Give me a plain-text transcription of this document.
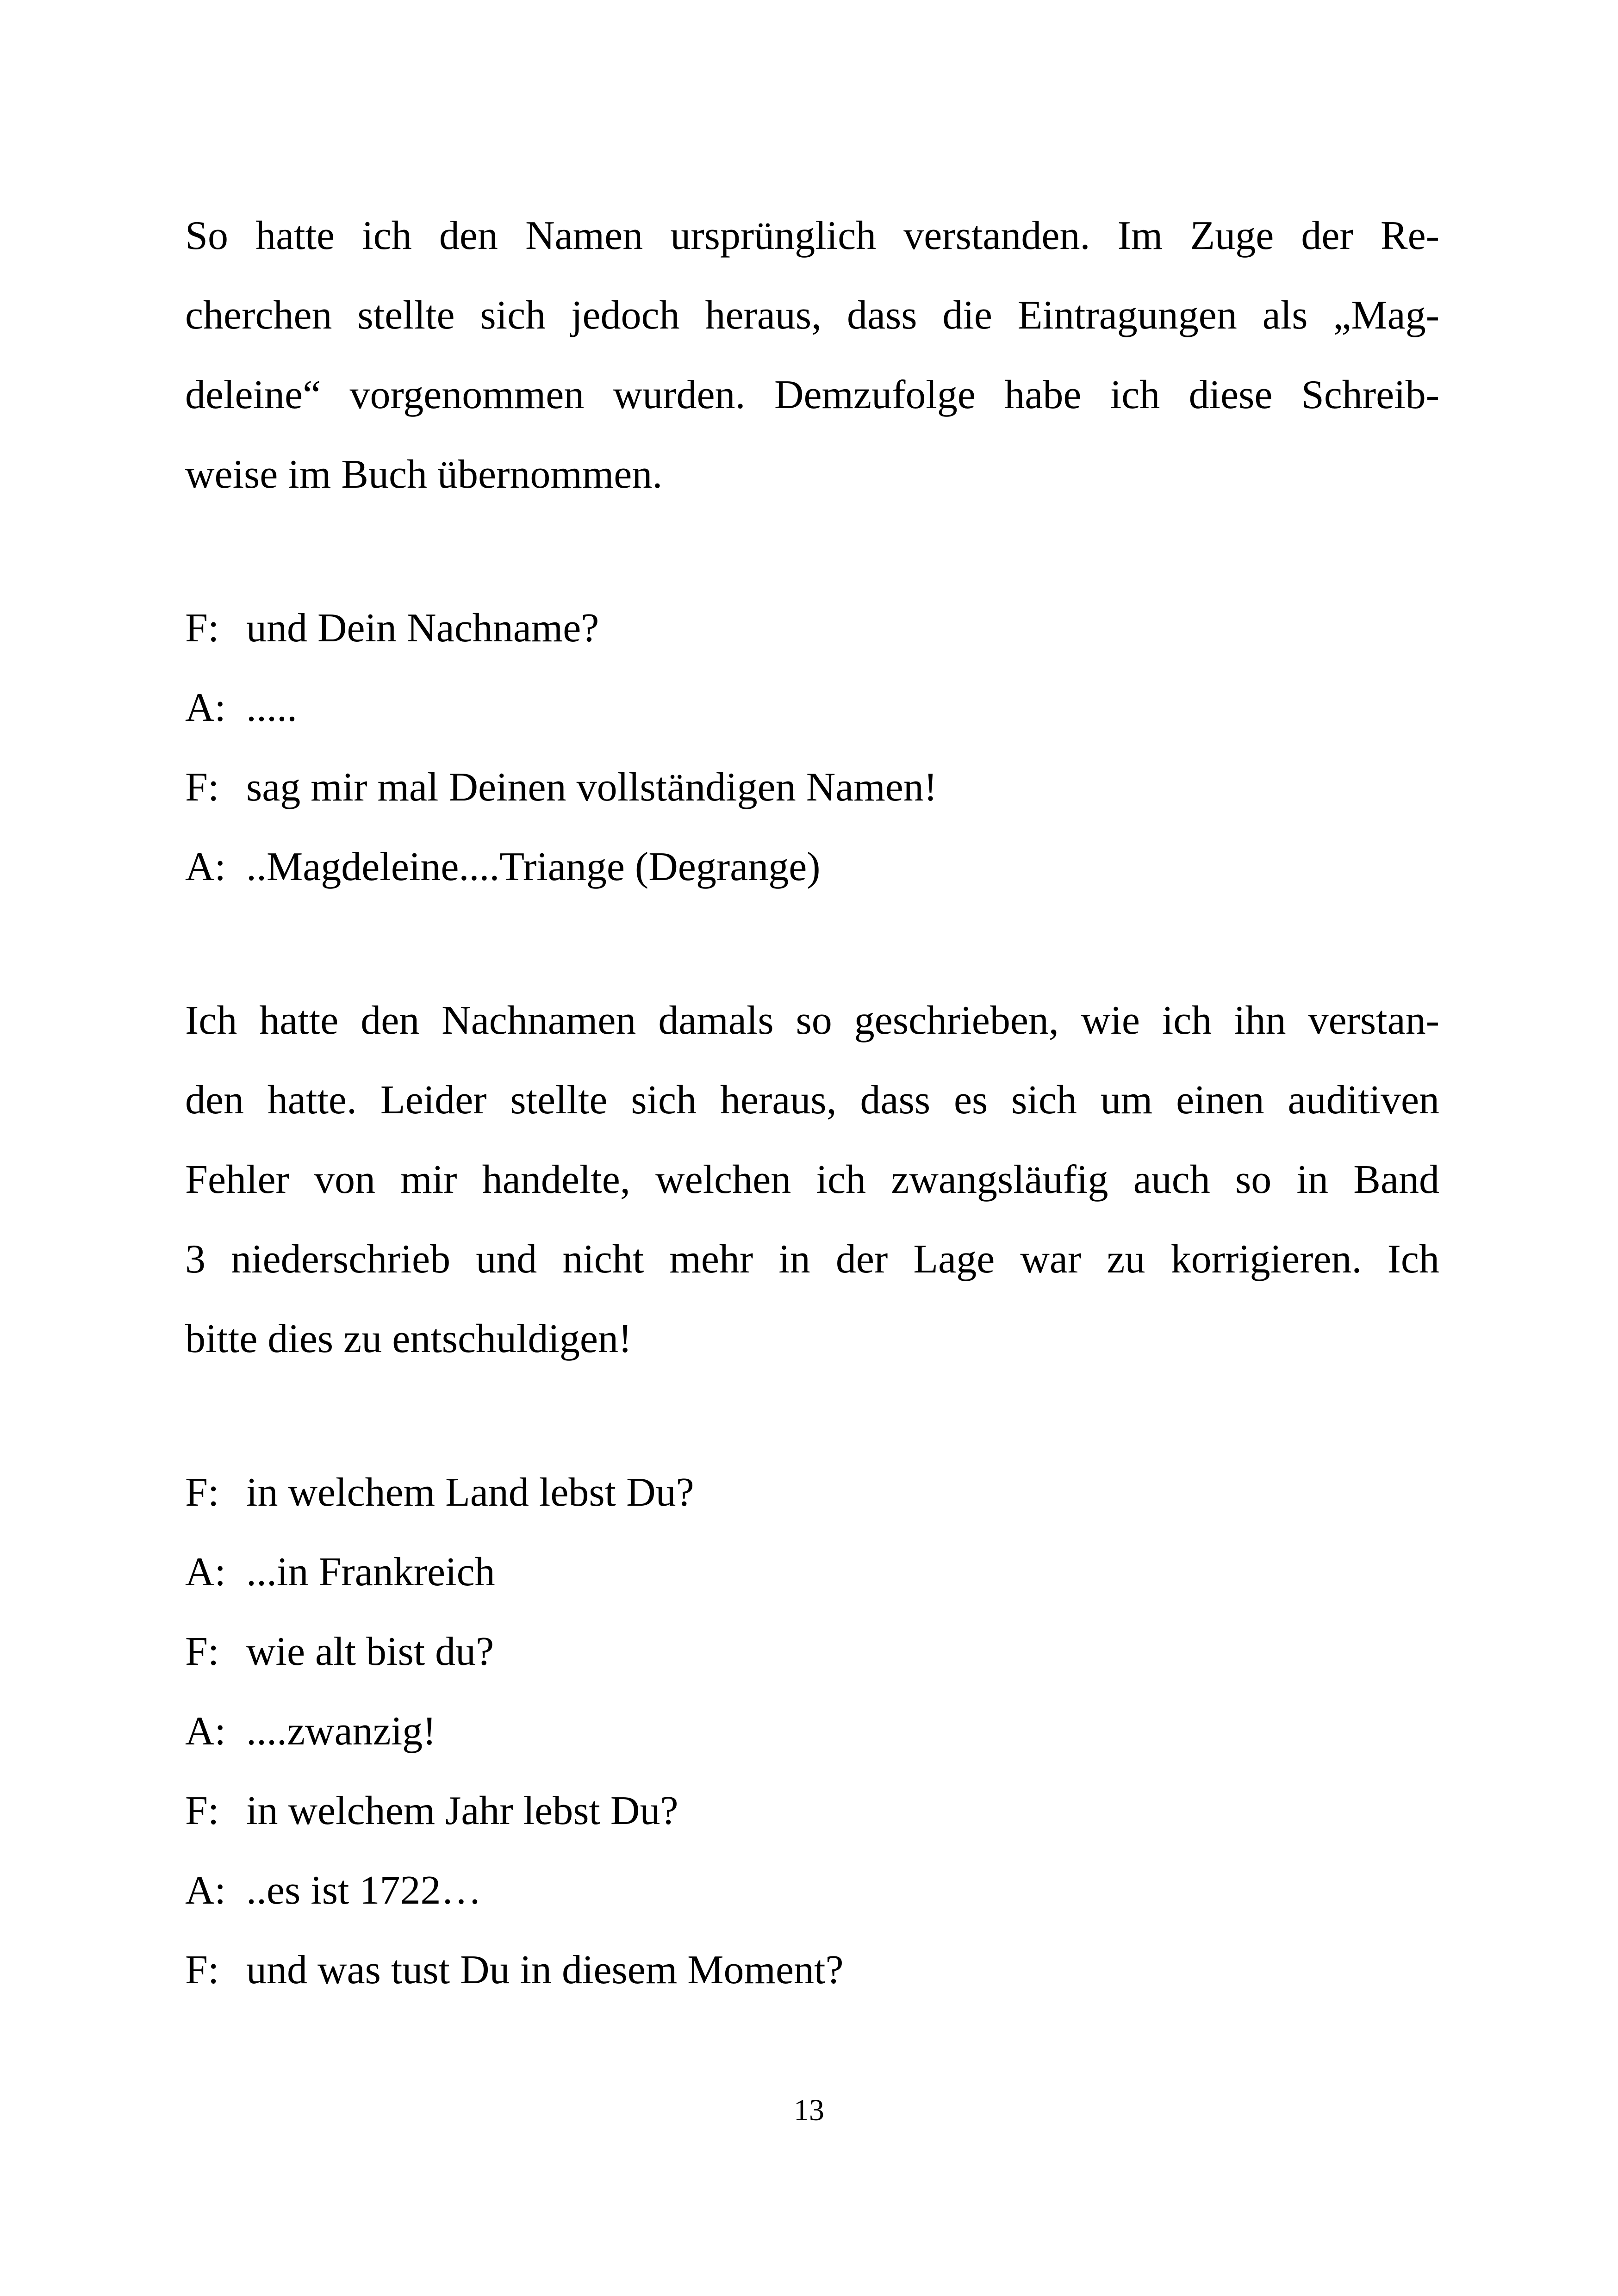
So hatte ich den Namen ursprünglich verstanden. Im Zuge der Re-
cherchen stellte sich jedoch heraus, dass die Eintragungen als „Mag-
deleine“ vorgenommen wurden. Demzufolge habe ich diese Schreib-
weise im Buch übernommen.
F: und Dein Nachname?
A: .....
F: sag mir mal Deinen vollständigen Namen!
A: ..Magdeleine....Triange (Degrange)
Ich hatte den Nachnamen damals so geschrieben, wie ich ihn verstan-
den hatte. Leider stellte sich heraus, dass es sich um einen auditiven
Fehler von mir handelte, welchen ich zwangsläufig auch so in Band
3 niederschrieb und nicht mehr in der Lage war zu korrigieren. Ich
bitte dies zu entschuldigen!
F: in welchem Land lebst Du?
A: ...in Frankreich
F: wie alt bist du?
A: ....zwanzig!
F: in welchem Jahr lebst Du?
A: ..es ist 1722…
F: und was tust Du in diesem Moment?
13
